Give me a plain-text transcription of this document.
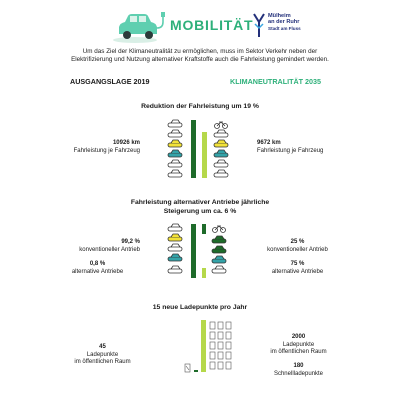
MOBILITÄT
Mülheim
an der Ruhr
Stadt am Fluss
Um das Ziel der Klimaneutralität zu ermöglichen, muss im Sektor Verkehr neben der Elektrifizierung und Nutzung alternativer Kraftstoffe auch die Fahrleistung gemindert werden.
AUSGANGSLAGE 2019	KLIMANEUTRALITÄT 2035
Reduktion der Fahrleistung um 19 %
10926 km
Fahrleistung je Fahrzeug
9672 km
Fahrleistung je Fahrzeug
Fahrleistung alternativer Antriebe jährliche
Steigerung um ca. 6 %
99,2 %
konventioneller Antrieb
0,8 %
alternative Antriebe
25 %
konventioneller Antrieb
75 %
alternative Antriebe
15 neue Ladepunkte pro Jahr
45
Ladepunkte
im öffentlichen Raum
2000
Ladepunkte
im öffentlichen Raum
180
Schnellladepunkte
